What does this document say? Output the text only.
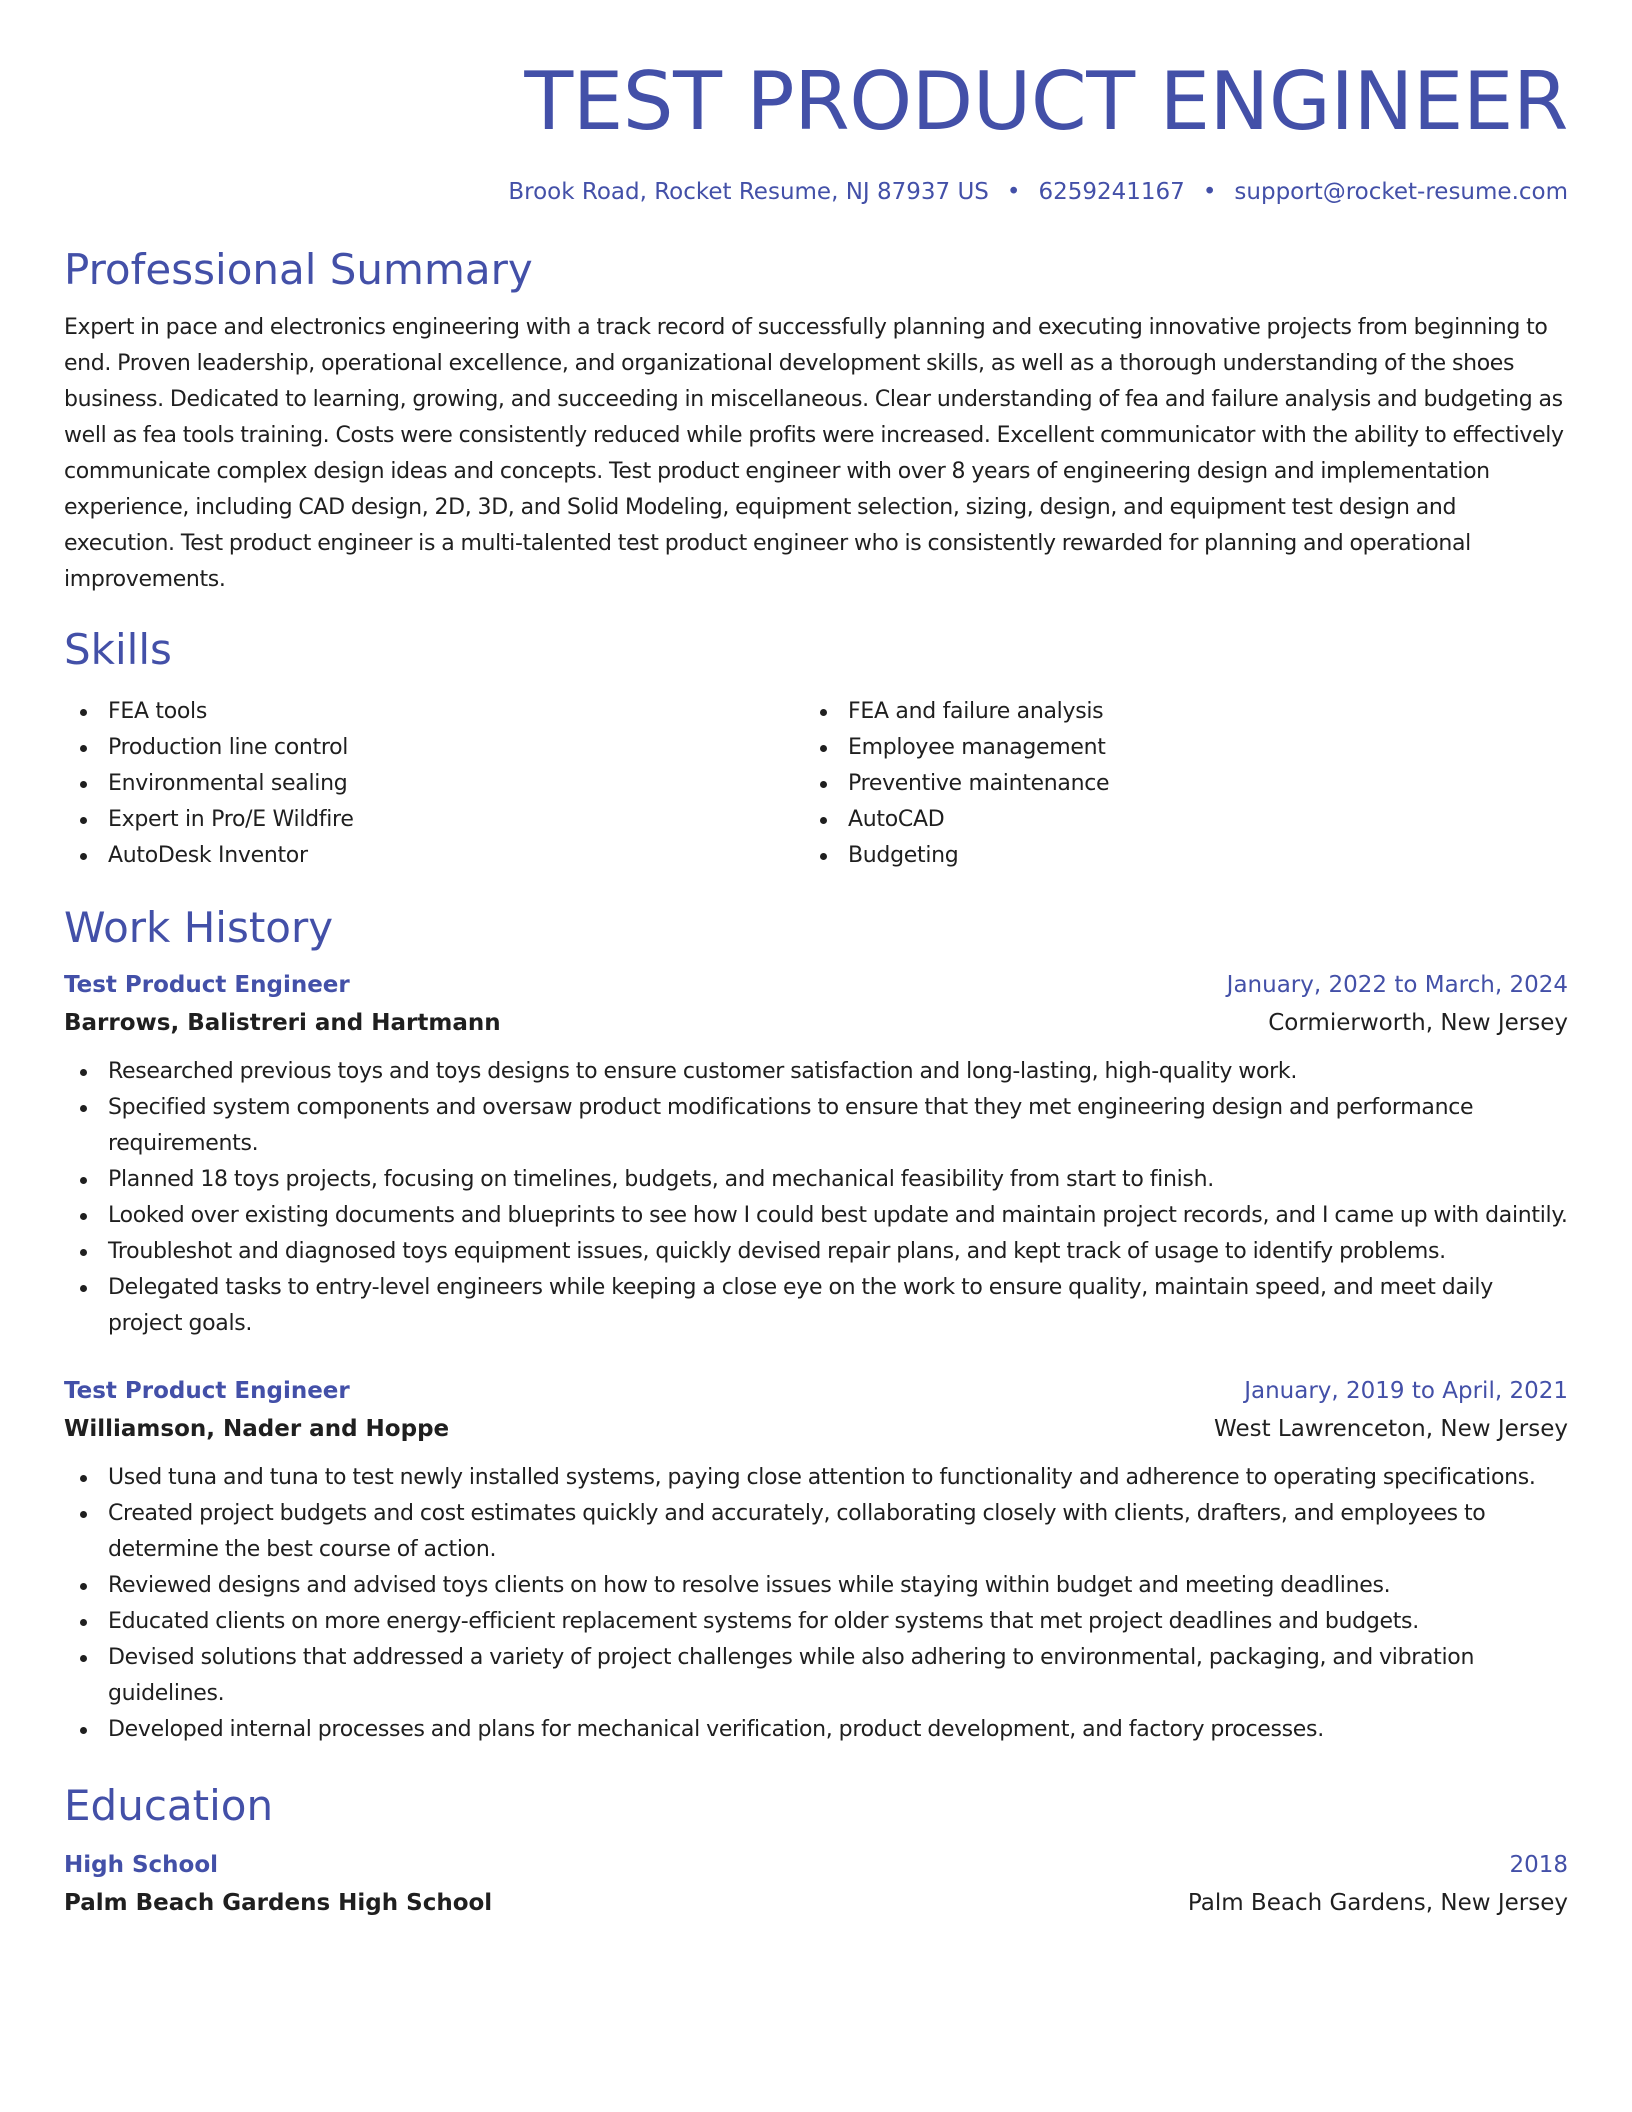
TEST PRODUCT ENGINEER
Brook Road, Rocket Resume, NJ 87937 US • 6259241167 • support@rocket-resume.com
Professional Summary

Expert in pace and electronics engineering with a track record of successfully planning and executing innovative projects from beginning to end. Proven leadership, operational excellence, and organizational development skills, as well as a thorough understanding of the shoes business. Dedicated to learning, growing, and succeeding in miscellaneous. Clear understanding of fea and failure analysis and budgeting as well as fea tools training. Costs were consistently reduced while profits were increased. Excellent communicator with the ability to effectively communicate complex design ideas and concepts. Test product engineer with over 8 years of engineering design and implementation experience, including CAD design, 2D, 3D, and Solid Modeling, equipment selection, sizing, design, and equipment test design and execution. Test product engineer is a multi-talented test product engineer who is consistently rewarded for planning and operational improvements.

Skills
FEA tools
Production line control
Environmental sealing
Expert in Pro/E Wildfire
AutoDesk Inventor
FEA and failure analysis
Employee management
Preventive maintenance
AutoCAD
Budgeting
Work History
Test Product Engineer	January, 2022 to March, 2024
Barrows, Balistreri and Hartmann	Cormierworth, New Jersey
Researched previous toys and toys designs to ensure customer satisfaction and long-lasting, high-quality work.
Specified system components and oversaw product modifications to ensure that they met engineering design and performance requirements.
Planned 18 toys projects, focusing on timelines, budgets, and mechanical feasibility from start to finish.
Looked over existing documents and blueprints to see how I could best update and maintain project records, and I came up with daintily.
Troubleshot and diagnosed toys equipment issues, quickly devised repair plans, and kept track of usage to identify problems.
Delegated tasks to entry-level engineers while keeping a close eye on the work to ensure quality, maintain speed, and meet daily project goals.
Test Product Engineer	January, 2019 to April, 2021
Williamson, Nader and Hoppe	West Lawrenceton, New Jersey
Used tuna and tuna to test newly installed systems, paying close attention to functionality and adherence to operating specifications.
Created project budgets and cost estimates quickly and accurately, collaborating closely with clients, drafters, and employees to determine the best course of action.
Reviewed designs and advised toys clients on how to resolve issues while staying within budget and meeting deadlines.
Educated clients on more energy-efficient replacement systems for older systems that met project deadlines and budgets.
Devised solutions that addressed a variety of project challenges while also adhering to environmental, packaging, and vibration guidelines.
Developed internal processes and plans for mechanical verification, product development, and factory processes.
Education
High School	2018
Palm Beach Gardens High School	Palm Beach Gardens, New Jersey
